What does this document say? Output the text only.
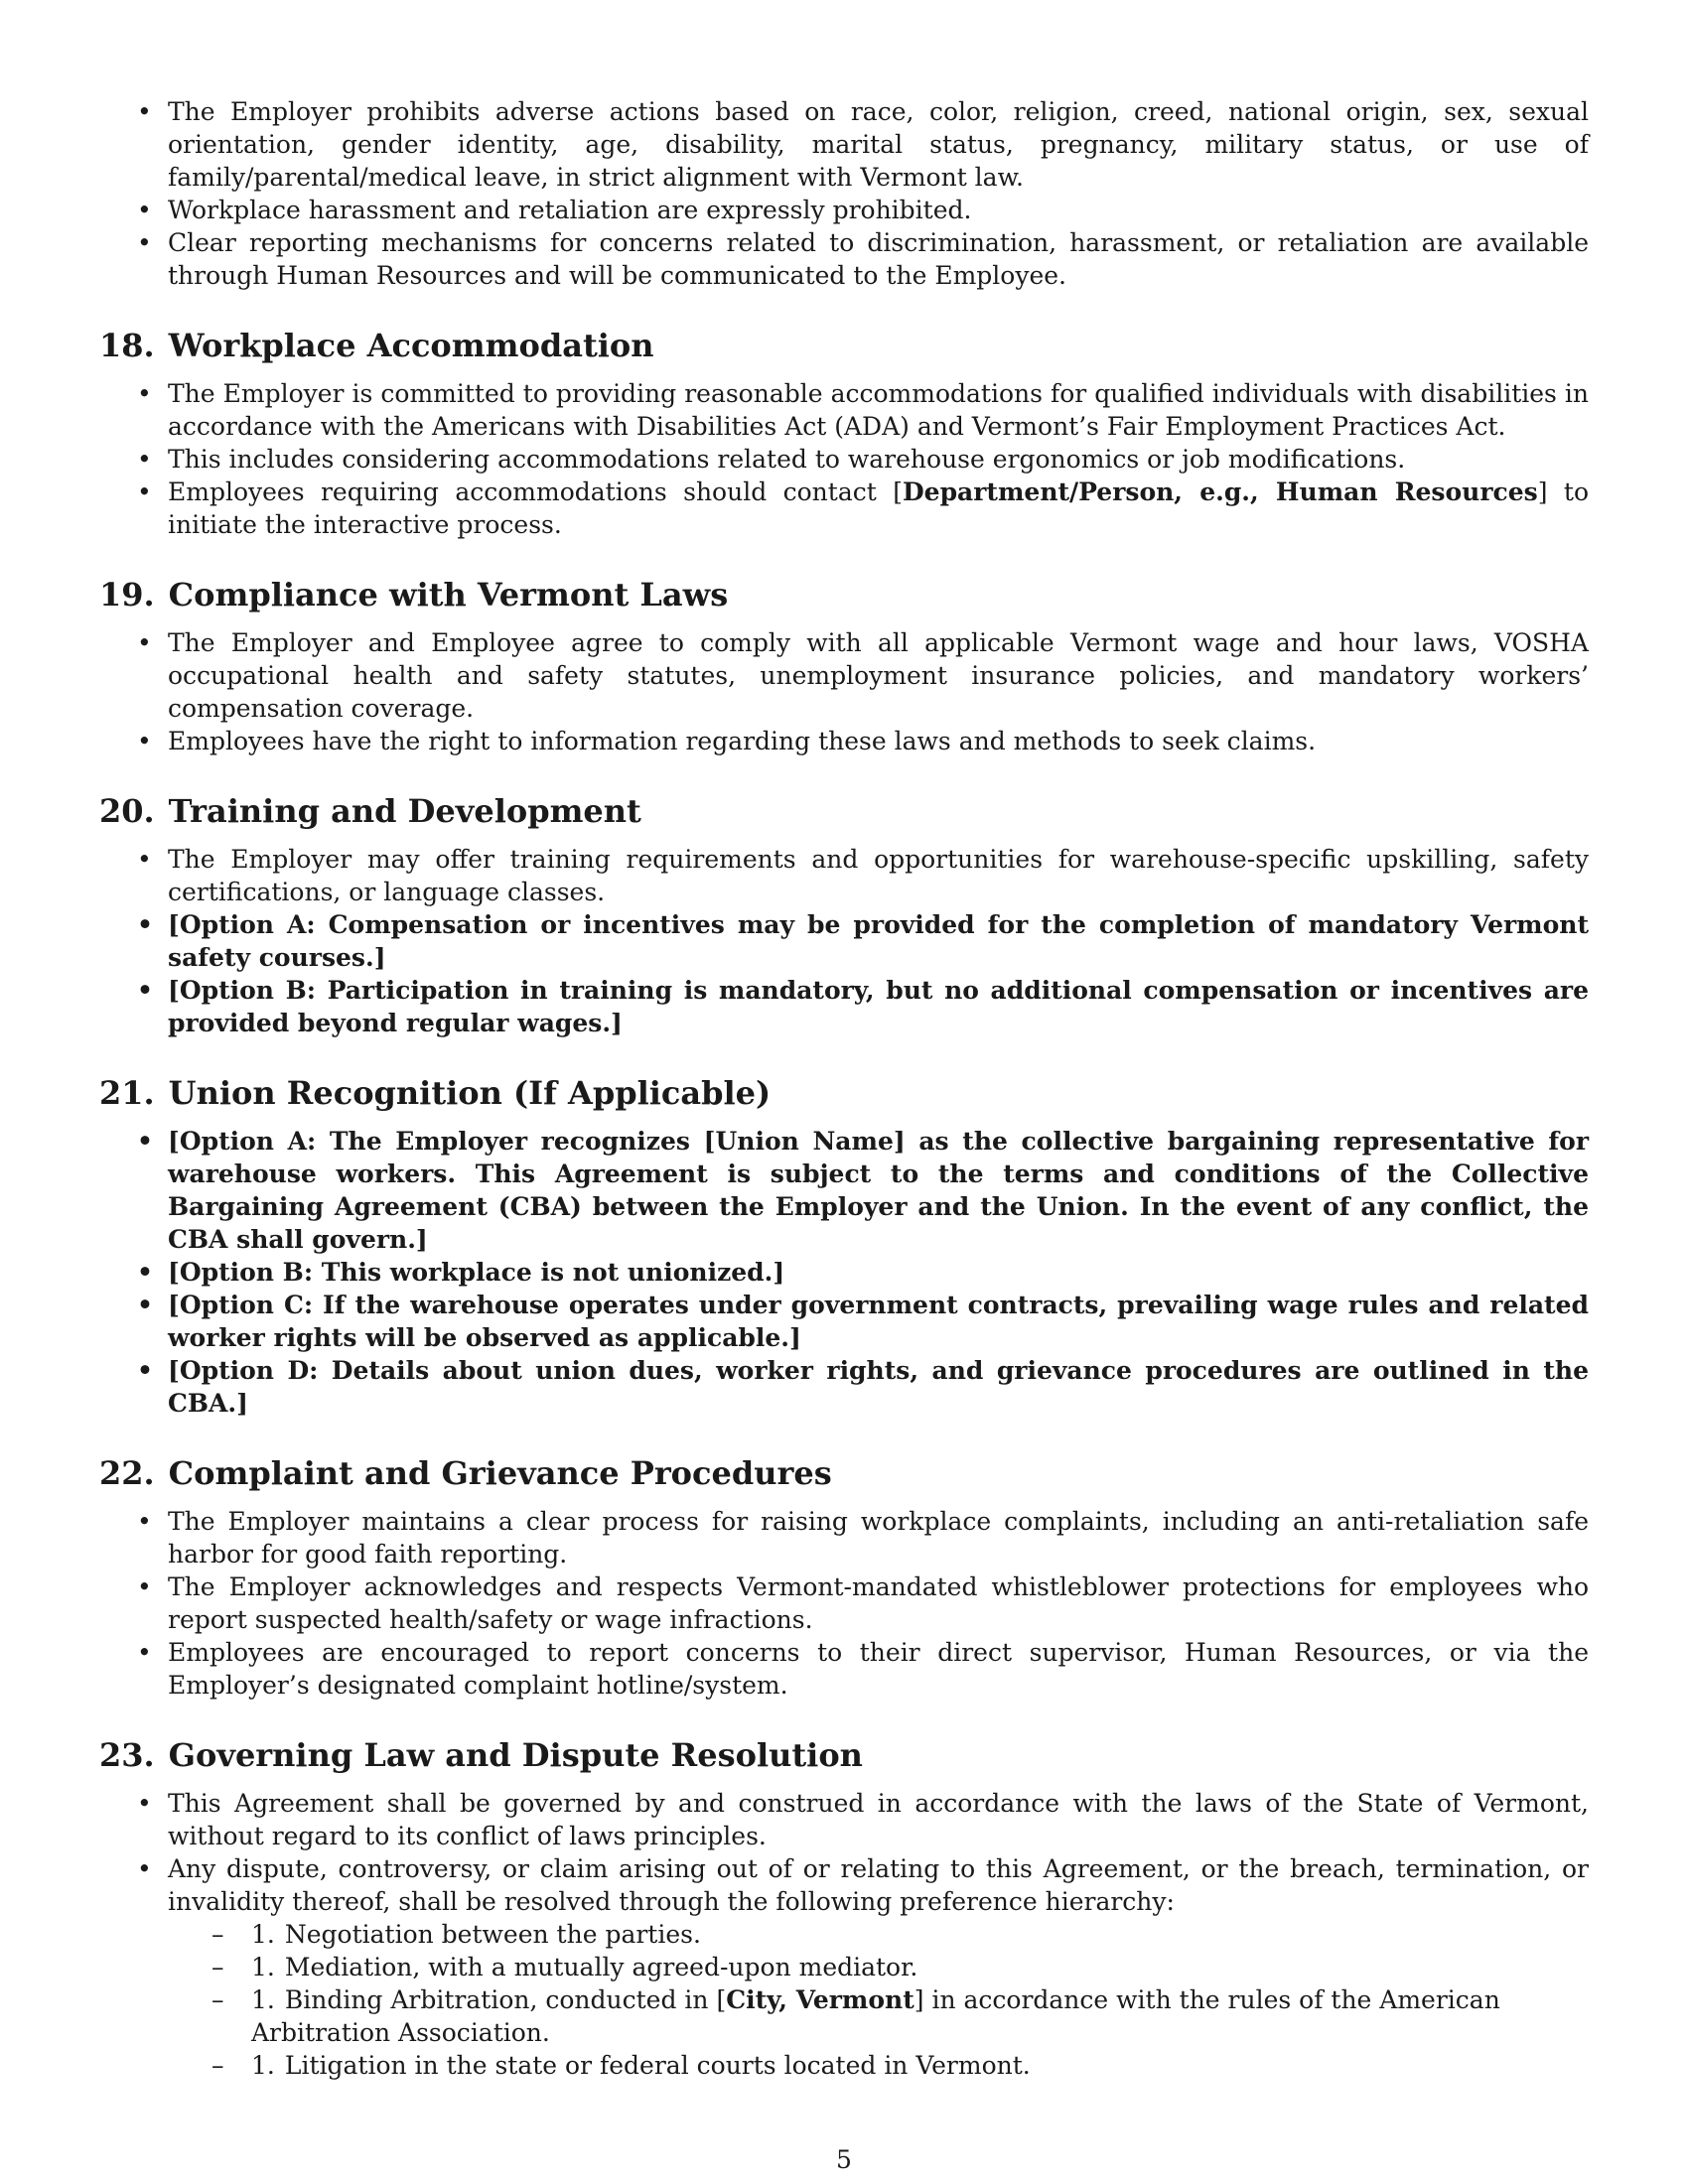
• The Employer prohibits adverse actions based on race, color, religion, creed, national origin, sex, sexual orientation, gender identity, age, disability, marital status, pregnancy, military status, or use of family/parental/medical leave, in strict alignment with Vermont law.
• Workplace harassment and retaliation are expressly prohibited.
• Clear reporting mechanisms for concerns related to discrimination, harassment, or retaliation are available through Human Resources and will be communicated to the Employee.
18. Workplace Accommodation
• The Employer is committed to providing reasonable accommodations for qualified individuals with disabilities in accordance with the Americans with Disabilities Act (ADA) and Vermont’s Fair Employment Practices Act.
• This includes considering accommodations related to warehouse ergonomics or job modifications.
• Employees requiring accommodations should contact [Department/Person, e.g., Human Resources] to initiate the interactive process.
19. Compliance with Vermont Laws
• The Employer and Employee agree to comply with all applicable Vermont wage and hour laws, VOSHA occupational health and safety statutes, unemployment insurance policies, and mandatory workers’ compensation coverage.
• Employees have the right to information regarding these laws and methods to seek claims.
20. Training and Development
• The Employer may offer training requirements and opportunities for warehouse-specific upskilling, safety certifications, or language classes.
• [Option A: Compensation or incentives may be provided for the completion of mandatory Vermont safety courses.]
• [Option B: Participation in training is mandatory, but no additional compensation or incentives are provided beyond regular wages.]
21. Union Recognition (If Applicable)
• [Option A: The Employer recognizes [Union Name] as the collective bargaining representative for warehouse workers. This Agreement is subject to the terms and conditions of the Collective Bargaining Agreement (CBA) between the Employer and the Union. In the event of any conflict, the CBA shall govern.]
• [Option B: This workplace is not unionized.]
• [Option C: If the warehouse operates under government contracts, prevailing wage rules and related worker rights will be observed as applicable.]
• [Option D: Details about union dues, worker rights, and grievance procedures are outlined in the CBA.]
22. Complaint and Grievance Procedures
• The Employer maintains a clear process for raising workplace complaints, including an anti-retaliation safe harbor for good faith reporting.
• The Employer acknowledges and respects Vermont-mandated whistleblower protections for employees who report suspected health/safety or wage infractions.
• Employees are encouraged to report concerns to their direct supervisor, Human Resources, or via the Employer’s designated complaint hotline/system.
23. Governing Law and Dispute Resolution
• This Agreement shall be governed by and construed in accordance with the laws of the State of Vermont, without regard to its conflict of laws principles.
• Any dispute, controversy, or claim arising out of or relating to this Agreement, or the breach, termination, or invalidity thereof, shall be resolved through the following preference hierarchy:
– 1. Negotiation between the parties.
– 1. Mediation, with a mutually agreed-upon mediator.
– 1. Binding Arbitration, conducted in [City, Vermont] in accordance with the rules of the American Arbitration Association.
– 1. Litigation in the state or federal courts located in Vermont.
5
